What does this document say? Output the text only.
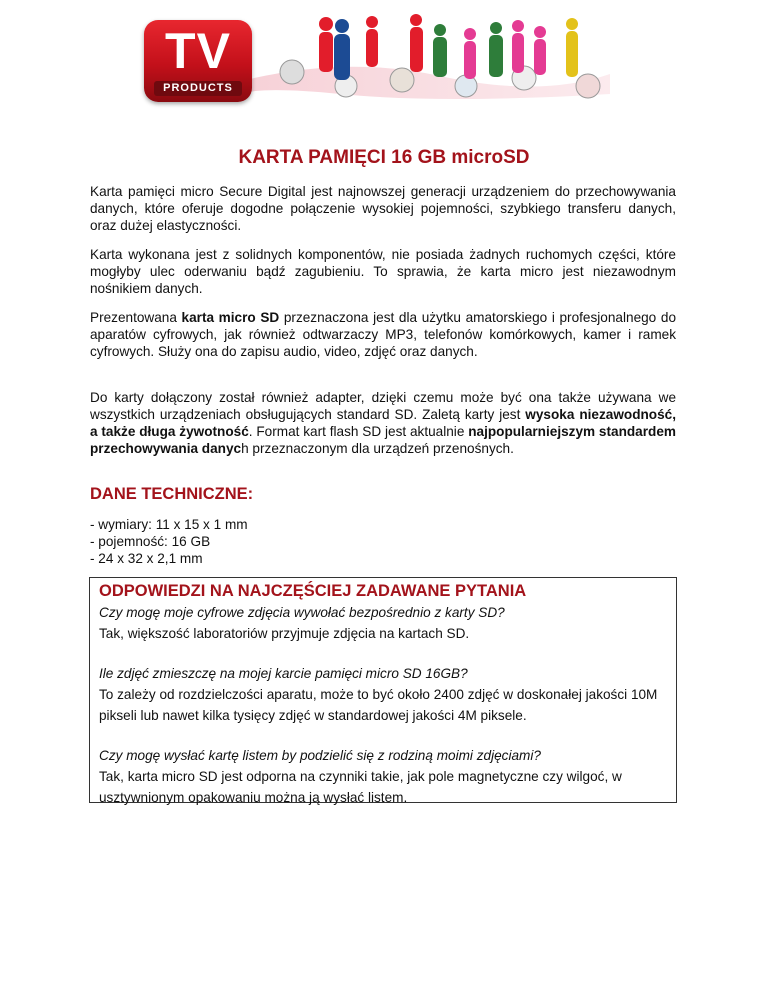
TV
PRODUCTS
KARTA PAMIĘCI 16 GB microSD

Karta pamięci micro Secure Digital jest najnowszej generacji urządzeniem do przechowywania danych, które oferuje dogodne połączenie wysokiej pojemności, szybkiego transferu danych, oraz dużej elastyczności.

Karta wykonana jest z solidnych komponentów, nie posiada żadnych ruchomych części, które mogłyby ulec oderwaniu bądź zagubieniu. To sprawia, że karta micro jest niezawodnym nośnikiem danych.

Prezentowana karta micro SD przeznaczona jest dla użytku amatorskiego i profesjonalnego do aparatów cyfrowych, jak również odtwarzaczy MP3, telefonów komórkowych, kamer i ramek cyfrowych. Służy ona do zapisu audio, video, zdjęć oraz danych.

Do karty dołączony został również adapter, dzięki czemu może być ona także używana we wszystkich urządzeniach obsługujących standard SD. Zaletą karty jest wysoka niezawodność, a także długa żywotność. Format kart flash SD jest aktualnie najpopularniejszym standardem przechowywania danych przeznaczonym dla urządzeń przenośnych.

DANE TECHNICZNE:
- wymiary: 11 x 15 x 1 mm
- pojemność: 16 GB
- 24 x 32 x 2,1 mm
ODPOWIEDZI NA NAJCZĘŚCIEJ ZADAWANE PYTANIA
Czy mogę moje cyfrowe zdjęcia wywołać bezpośrednio z karty SD?
Tak, większość laboratoriów przyjmuje zdjęcia na kartach SD.
Ile zdjęć zmieszczę na mojej karcie pamięci micro SD 16GB?
To zależy od rozdzielczości aparatu, może to być około 2400 zdjęć w doskonałej jakości 10M pikseli lub nawet kilka tysięcy zdjęć w standardowej jakości 4M piksele.
Czy mogę wysłać kartę listem by podzielić się z rodziną moimi zdjęciami?
Tak, karta micro SD jest odporna na czynniki takie, jak pole magnetyczne czy wilgoć, w usztywnionym opakowaniu można ją wysłać listem.
